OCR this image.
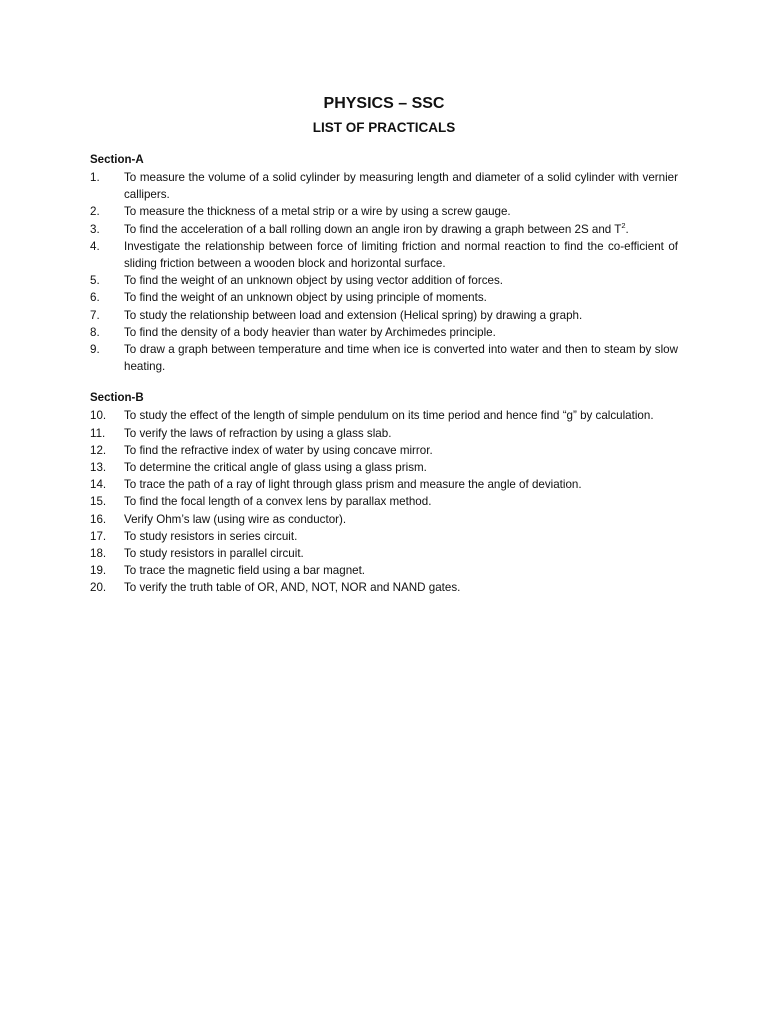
PHYSICS – SSC
LIST OF PRACTICALS
Section-A
1.	To measure the volume of a solid cylinder by measuring length and diameter of a solid cylinder with vernier callipers.
2.	To measure the thickness of a metal strip or a wire by using a screw gauge.
3.	To find the acceleration of a ball rolling down an angle iron by drawing a graph between 2S and $T^2$.
4.	Investigate the relationship between force of limiting friction and normal reaction to find the co-efficient of sliding friction between a wooden block and horizontal surface.
5.	To find the weight of an unknown object by using vector addition of forces.
6.	To find the weight of an unknown object by using principle of moments.
7.	To study the relationship between load and extension (Helical spring) by drawing a graph.
8.	To find the density of a body heavier than water by Archimedes principle.
9.	To draw a graph between temperature and time when ice is converted into water and then to steam by slow heating.
Section-B
10.	To study the effect of the length of simple pendulum on its time period and hence find “g” by calculation.
11.	To verify the laws of refraction by using a glass slab.
12.	To find the refractive index of water by using concave mirror.
13.	To determine the critical angle of glass using a glass prism.
14.	To trace the path of a ray of light through glass prism and measure the angle of deviation.
15.	To find the focal length of a convex lens by parallax method.
16.	Verify Ohm’s law (using wire as conductor).
17.	To study resistors in series circuit.
18.	To study resistors in parallel circuit.
19.	To trace the magnetic field using a bar magnet.
20.	To verify the truth table of OR, AND, NOT, NOR and NAND gates.
